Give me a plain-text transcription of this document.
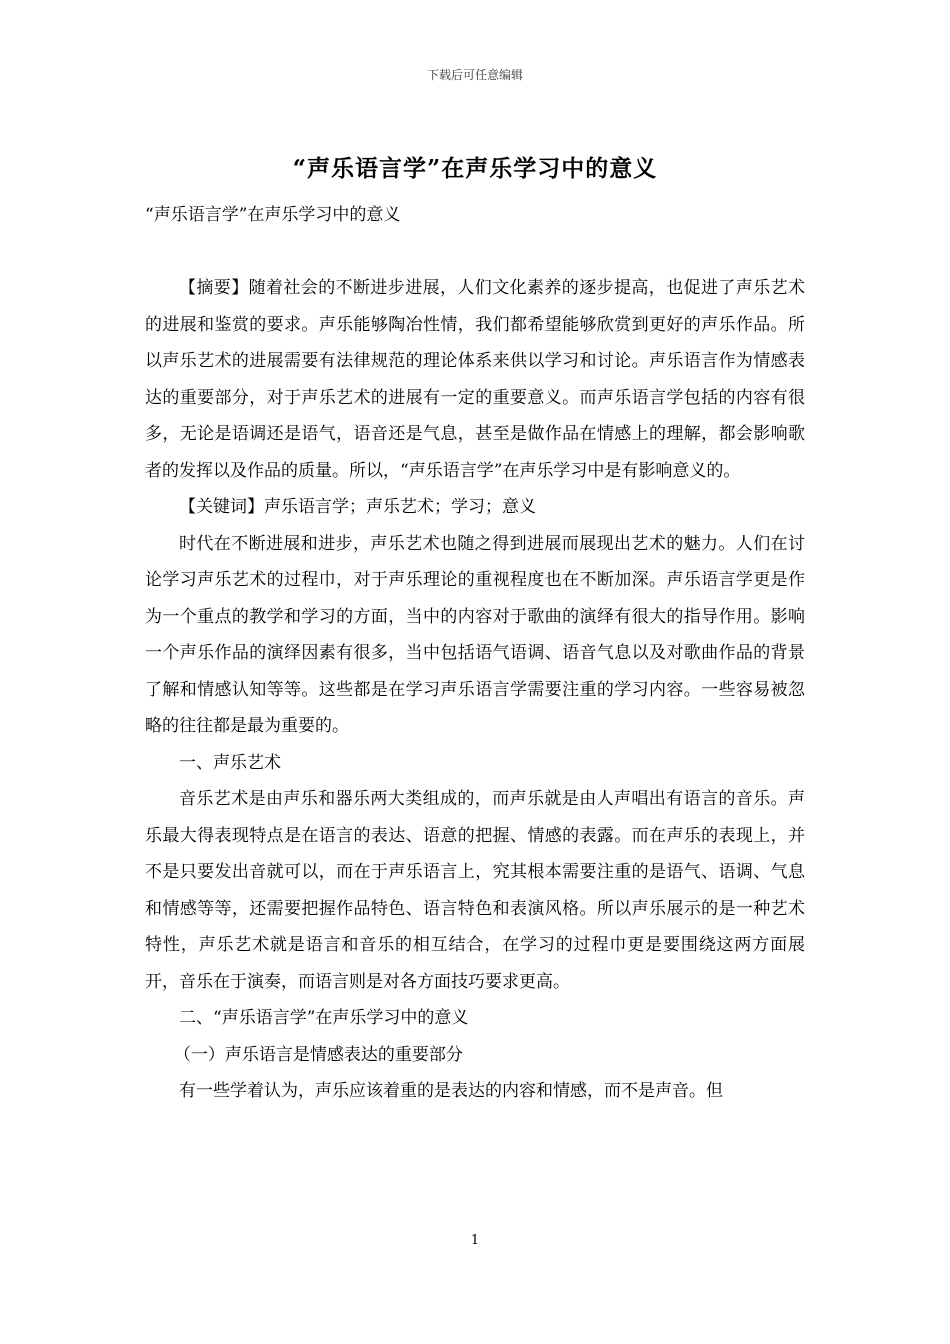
下载后可任意编辑
“声乐语言学”在声乐学习中的意义
“声乐语言学”在声乐学习中的意义

【摘要】随着社会的不断进步进展，人们文化素养的逐步提高，也促进了声乐艺术的进展和鉴赏的要求。声乐能够陶冶性情，我们都希望能够欣赏到更好的声乐作品。所以声乐艺术的进展需要有法律规范的理论体系来供以学习和讨论。声乐语言作为情感表达的重要部分，对于声乐艺术的进展有一定的重要意义。而声乐语言学包括的内容有很多，无论是语调还是语气，语音还是气息，甚至是做作品在情感上的理解，都会影响歌者的发挥以及作品的质量。所以，“声乐语言学”在声乐学习中是有影响意义的。

【关键词】声乐语言学；声乐艺术；学习；意义

时代在不断进展和进步，声乐艺术也随之得到进展而展现出艺术的魅力。人们在讨论学习声乐艺术的过程巾，对于声乐理论的重视程度也在不断加深。声乐语言学更是作为一个重点的教学和学习的方面，当中的内容对于歌曲的演绎有很大的指导作用。影响一个声乐作品的演绎因素有很多，当中包括语气语调、语音气息以及对歌曲作品的背景了解和情感认知等等。这些都是在学习声乐语言学需要注重的学习内容。一些容易被忽略的往往都是最为重要的。

一、声乐艺术

音乐艺术是由声乐和器乐两大类组成的，而声乐就是由人声唱出有语言的音乐。声乐最大得表现特点是在语言的表达、语意的把握、情感的表露。而在声乐的表现上，并不是只要发出音就可以，而在于声乐语言上，究其根本需要注重的是语气、语调、气息和情感等等，还需要把握作品特色、语言特色和表演风格。所以声乐展示的是一种艺术特性，声乐艺术就是语言和音乐的相互结合，在学习的过程巾更是要围绕这两方面展开，音乐在于演奏，而语言则是对各方面技巧要求更高。

二、“声乐语言学”在声乐学习中的意义

（一）声乐语言是情感表达的重要部分

有一些学着认为，声乐应该着重的是表达的内容和情感，而不是声音。但

1
